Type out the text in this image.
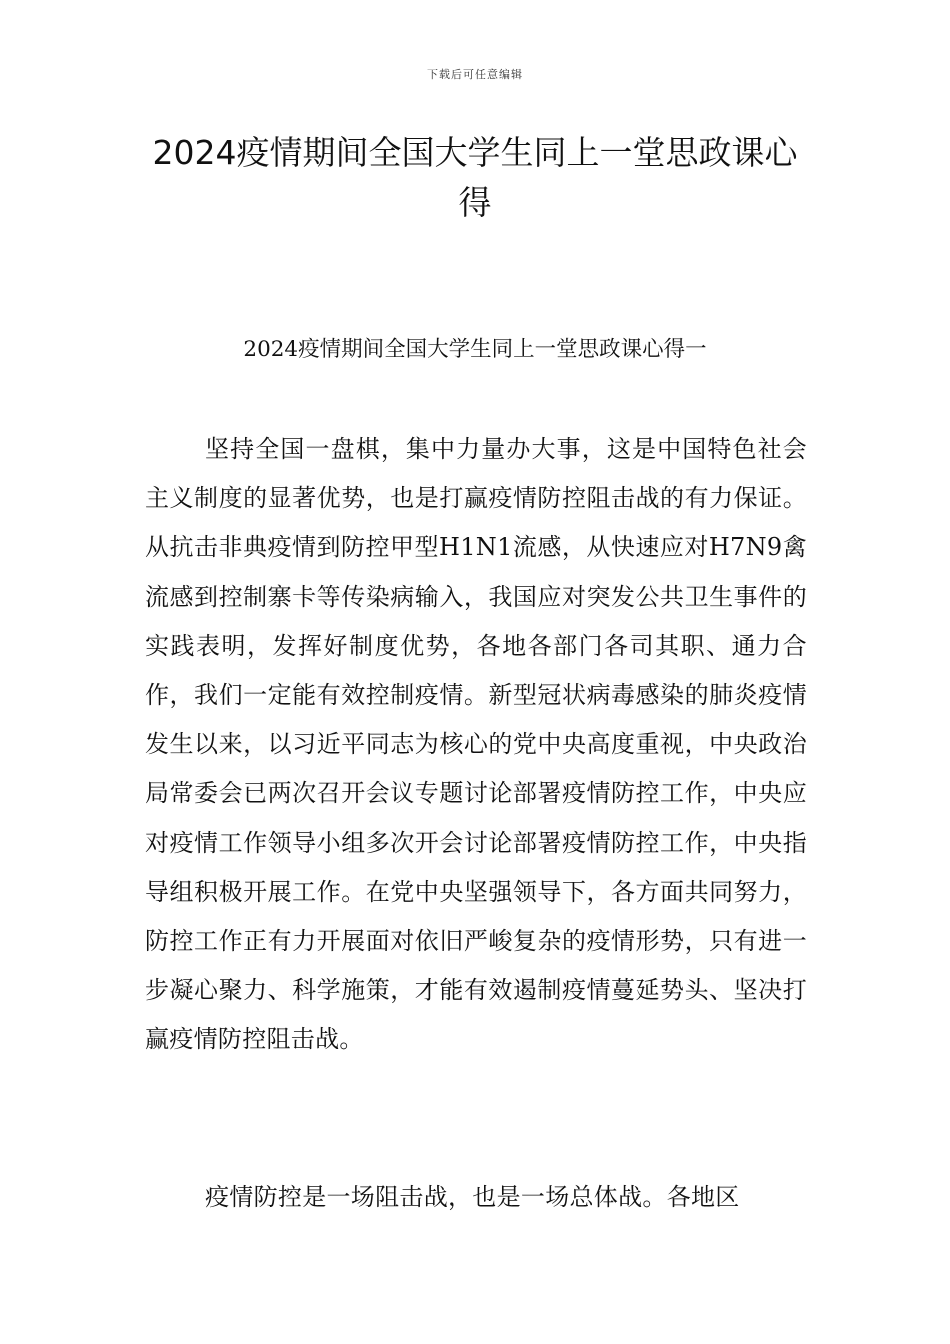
下载后可任意编辑
2024疫情期间全国大学生同上一堂思政课心得
2024疫情期间全国大学生同上一堂思政课心得一

坚持全国一盘棋，集中力量办大事，这是中国特色社会主义制度的显著优势，也是打赢疫情防控阻击战的有力保证。从抗击非典疫情到防控甲型H1N1流感，从快速应对H7N9禽流感到控制寨卡等传染病输入，我国应对突发公共卫生事件的实践表明，发挥好制度优势，各地各部门各司其职、通力合作，我们一定能有效控制疫情。新型冠状病毒感染的肺炎疫情发生以来，以习近平同志为核心的党中央高度重视，中央政治局常委会已两次召开会议专题讨论部署疫情防控工作，中央应对疫情工作领导小组多次开会讨论部署疫情防控工作，中央指导组积极开展工作。在党中央坚强领导下，各方面共同努力，防控工作正有力开展面对依旧严峻复杂的疫情形势，只有进一步凝心聚力、科学施策，才能有效遏制疫情蔓延势头、坚决打赢疫情防控阻击战。

疫情防控是一场阻击战，也是一场总体战。各地区
